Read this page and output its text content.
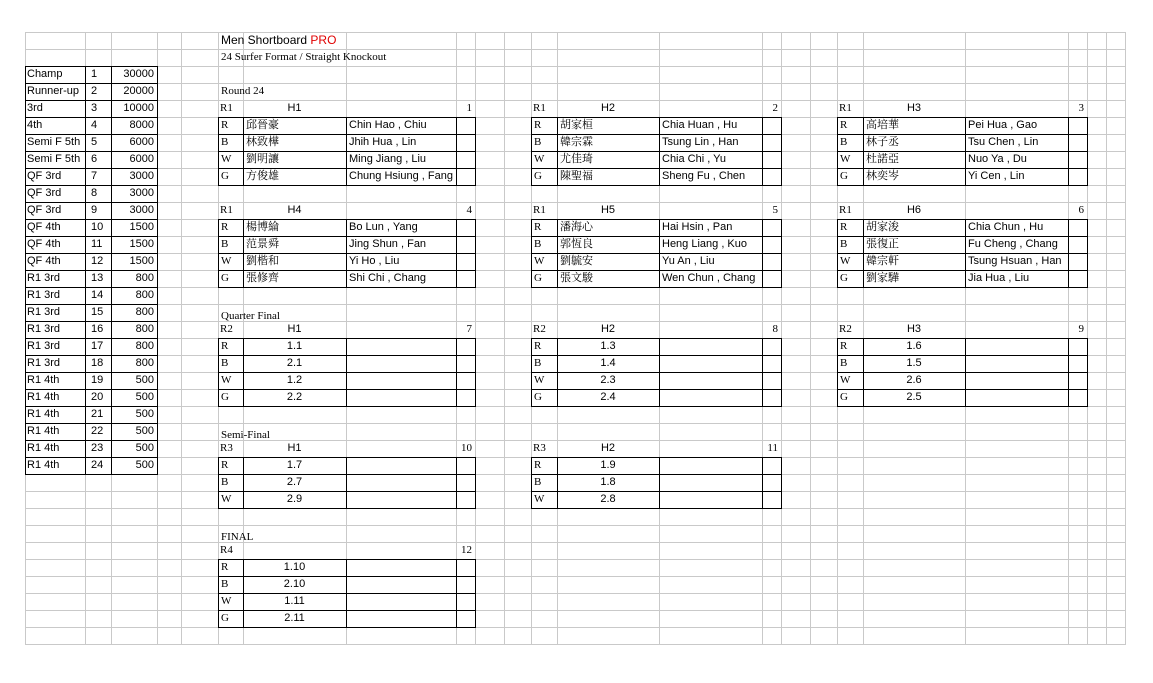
Men Shortboard PRO
24 Surfer Format / Straight Knockout
Round 24
Quarter Final
Semi-Final
FINAL
Champ	1	30000
Runner-up	2	20000
3rd	3	10000
4th	4	8000
Semi F 5th 5	6000
Semi F 5th 6	6000
QF 3rd	7	3000
QF 3rd	8	3000
QF 3rd	9	3000
QF 4th	10	1500
QF 4th	11	1500
QF 4th	12	1500
R1 3rd	13	800
R1 3rd	14	800
R1 3rd	15	800
R1 3rd	16	800
R1 3rd	17	800
R1 3rd	18	800
R1 4th	19	500
R1 4th	20	500
R1 4th	21	500
R1 4th	22	500
R1 4th	23	500
R1 4th	24	500
R1	H1	1
R	邱晉豪	Chin Hao , Chiu
B	林致樺	Jhih Hua , Lin
W	劉明讓	Ming Jiang , Liu
G	方俊雄	Chung Hsiung , Fang
R1	H2	2
R	胡家桓	Chia Huan , Hu
B	韓宗霖	Tsung Lin , Han
W	尤佳琦	Chia Chi , Yu
G	陳聖福	Sheng Fu , Chen
R1	H3	3
R	高培華	Pei Hua , Gao
B	林子丞	Tsu Chen , Lin
W	杜諾亞	Nuo Ya , Du
G	林奕岑	Yi Cen , Lin
R1	H4	4
R	楊博綸	Bo Lun , Yang
B	范景舜	Jing Shun , Fan
W	劉楷和	Yi Ho , Liu
G	張修齊	Shi Chi , Chang
R1	H5	5
R	潘海心	Hai Hsin , Pan
B	郭恆良	Heng Liang , Kuo
W	劉毓安	Yu An , Liu
G	張文駿	Wen Chun , Chang
R1	H6	6
R	胡家浚	Chia Chun , Hu
B	張復正	Fu Cheng , Chang
W	韓宗軒	Tsung Hsuan , Han
G	劉家驊	Jia Hua , Liu
R2	H1	7
R	1.1
B	2.1
W	1.2
G	2.2
R2	H2	8
R	1.3
B	1.4
W	2.3
G	2.4
R2	H3	9
R	1.6
B	1.5
W	2.6
G	2.5
R3	H1	10
R	1.7
B	2.7
W	2.9
R3	H2	11
R	1.9
B	1.8
W	2.8
R4	12
R	1.10
B	2.10
W	1.11
G	2.11
